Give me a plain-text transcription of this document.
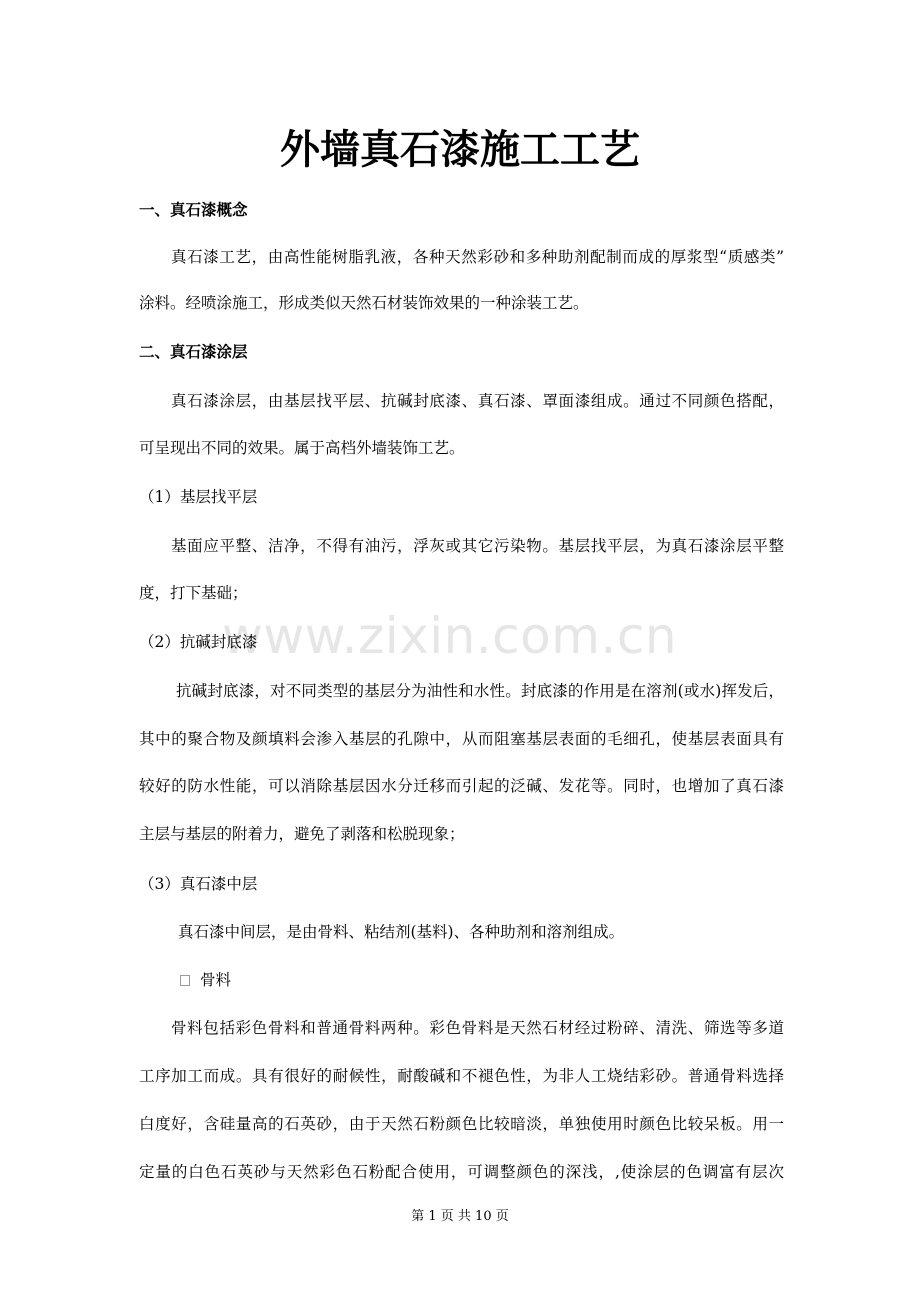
www.zixin.com.cn
外墙真石漆施工工艺
一、真石漆概念
真石漆工艺，由高性能树脂乳液，各种天然彩砂和多种助剂配制而成的厚浆型“质感类”
涂料。经喷涂施工，形成类似天然石材装饰效果的一种涂装工艺。
二、真石漆涂层
真石漆涂层，由基层找平层、抗碱封底漆、真石漆、罩面漆组成。通过不同颜色搭配，
可呈现出不同的效果。属于高档外墙装饰工艺。
（1）基层找平层
基面应平整、洁净，不得有油污，浮灰或其它污染物。基层找平层，为真石漆涂层平整
度，打下基础；
（2）抗碱封底漆
抗碱封底漆，对不同类型的基层分为油性和水性。封底漆的作用是在溶剂(或水)挥发后，
其中的聚合物及颜填料会渗入基层的孔隙中，从而阻塞基层表面的毛细孔，使基层表面具有
较好的防水性能，可以消除基层因水分迁移而引起的泛碱、发花等。同时，也增加了真石漆
主层与基层的附着力，避免了剥落和松脱现象；
（3）真石漆中层
真石漆中间层，是由骨料、粘结剂(基料)、各种助剂和溶剂组成。
骨料
骨料包括彩色骨料和普通骨料两种。彩色骨料是天然石材经过粉碎、清洗、筛选等多道
工序加工而成。具有很好的耐候性，耐酸碱和不褪色性，为非人工烧结彩砂。普通骨料选择
白度好，含硅量高的石英砂，由于天然石粉颜色比较暗淡，单独使用时颜色比较呆板。用一
定量的白色石英砂与天然彩色石粉配合使用，可调整颜色的深浅，,使涂层的色调富有层次
第 1 页 共 10 页
